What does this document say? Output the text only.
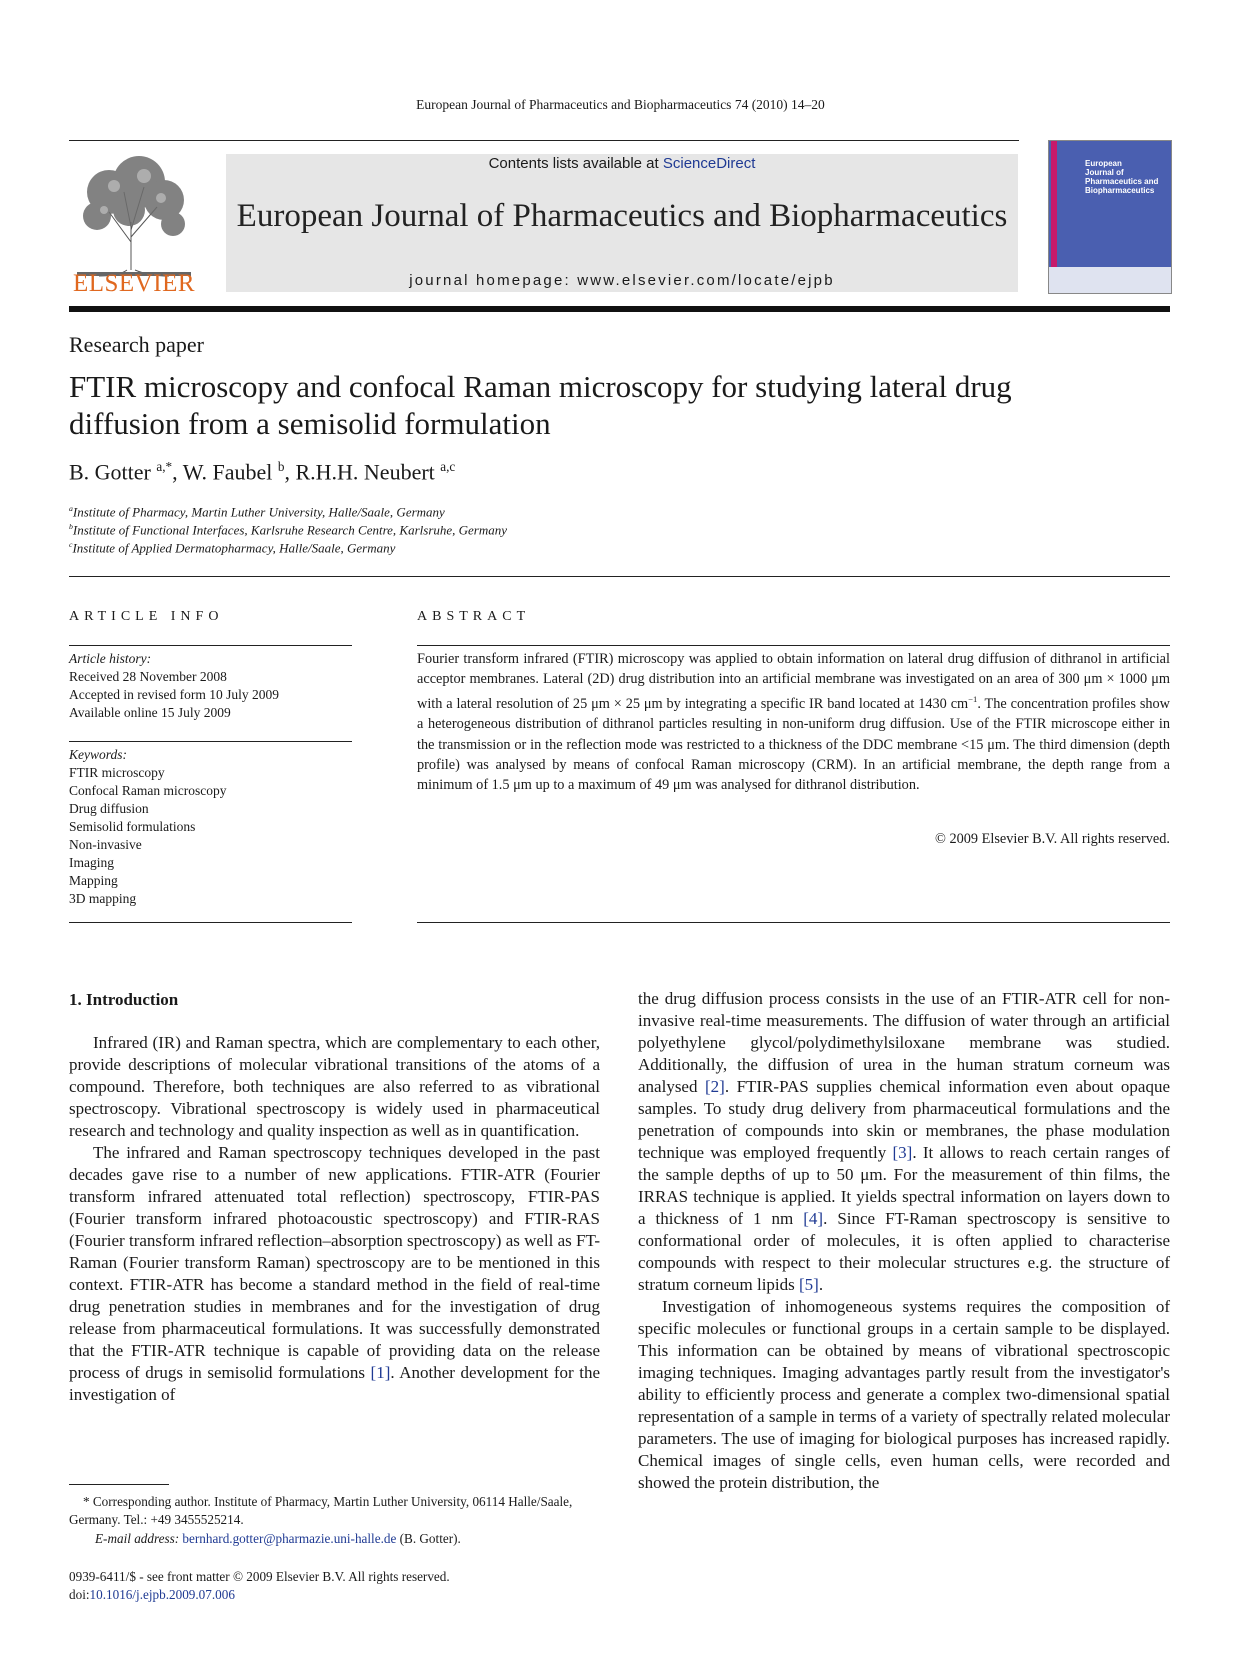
European Journal of Pharmaceutics and Biopharmaceutics 74 (2010) 14–20
ELSEVIER
Contents lists available at ScienceDirect
European Journal of Pharmaceutics and Biopharmaceutics
journal homepage: www.elsevier.com/locate/ejpb
European
Journal of
Pharmaceutics and
Biopharmaceutics
Research paper
FTIR microscopy and confocal Raman microscopy for studying lateral drug
diffusion from a semisolid formulation
B. Gotter $^{a,*}$, W. Faubel $^b$, R.H.H. Neubert $^{a,c}$
$^a$Institute of Pharmacy, Martin Luther University, Halle/Saale, Germany
$^b$Institute of Functional Interfaces, Karlsruhe Research Centre, Karlsruhe, Germany
$^c$Institute of Applied Dermatopharmacy, Halle/Saale, Germany
ARTICLE INFO	ABSTRACT
Article history:
Received 28 November 2008
Accepted in revised form 10 July 2009
Available online 15 July 2009
Keywords:
FTIR microscopy
Confocal Raman microscopy
Drug diffusion
Semisolid formulations
Non-invasive
Imaging
Mapping
3D mapping
Fourier transform infrared (FTIR) microscopy was applied to obtain information on lateral drug diffusion of dithranol in artificial acceptor membranes. Lateral (2D) drug distribution into an artificial membrane was investigated on an area of 300 μm × 1000 μm with a lateral resolution of 25 μm × 25 μm by integrating a specific IR band located at 1430 $cm^{-1}$. The concentration profiles show a heterogeneous distribution of dithranol particles resulting in non-uniform drug diffusion. Use of the FTIR microscope either in the transmission or in the reflection mode was restricted to a thickness of the DDC membrane <15 μm. The third dimension (depth profile) was analysed by means of confocal Raman microscopy (CRM). In an artificial membrane, the depth range from a minimum of 1.5 μm up to a maximum of 49 μm was analysed for dithranol distribution.
© 2009 Elsevier B.V. All rights reserved.
1. Introduction

Infrared (IR) and Raman spectra, which are complementary to each other, provide descriptions of molecular vibrational transitions of the atoms of a compound. Therefore, both techniques are also referred to as vibrational spectroscopy. Vibrational spectroscopy is widely used in pharmaceutical research and technology and quality inspection as well as in quantification.

The infrared and Raman spectroscopy techniques developed in the past decades gave rise to a number of new applications. FTIR-ATR (Fourier transform infrared attenuated total reflection) spectroscopy, FTIR-PAS (Fourier transform infrared photoacoustic spectroscopy) and FTIR-RAS (Fourier transform infrared reflection–absorption spectroscopy) as well as FT-Raman (Fourier transform Raman) spectroscopy are to be mentioned in this context. FTIR-ATR has become a standard method in the field of real-time drug penetration studies in membranes and for the investigation of drug release from pharmaceutical formulations. It was successfully demonstrated that the FTIR-ATR technique is capable of providing data on the release process of drugs in semisolid formulations [1]. Another development for the investigation of

the drug diffusion process consists in the use of an FTIR-ATR cell for non-invasive real-time measurements. The diffusion of water through an artificial polyethylene glycol/polydimethylsiloxane membrane was studied. Additionally, the diffusion of urea in the human stratum corneum was analysed [2]. FTIR-PAS supplies chemical information even about opaque samples. To study drug delivery from pharmaceutical formulations and the penetration of compounds into skin or membranes, the phase modulation technique was employed frequently [3]. It allows to reach certain ranges of the sample depths of up to 50 μm. For the measurement of thin films, the IRRAS technique is applied. It yields spectral information on layers down to a thickness of 1 nm [4]. Since FT-Raman spectroscopy is sensitive to conformational order of molecules, it is often applied to characterise compounds with respect to their molecular structures e.g. the structure of stratum corneum lipids [5].

Investigation of inhomogeneous systems requires the composition of specific molecules or functional groups in a certain sample to be displayed. This information can be obtained by means of vibrational spectroscopic imaging techniques. Imaging advantages partly result from the investigator's ability to efficiently process and generate a complex two-dimensional spatial representation of a sample in terms of a variety of spectrally related molecular parameters. The use of imaging for biological purposes has increased rapidly. Chemical images of single cells, even human cells, were recorded and showed the protein distribution, the

* Corresponding author. Institute of Pharmacy, Martin Luther University, 06114 Halle/Saale, Germany. Tel.: +49 3455525214.
E-mail address: bernhard.gotter@pharmazie.uni-halle.de (B. Gotter).
0939-6411/$ - see front matter © 2009 Elsevier B.V. All rights reserved.
doi:10.1016/j.ejpb.2009.07.006
